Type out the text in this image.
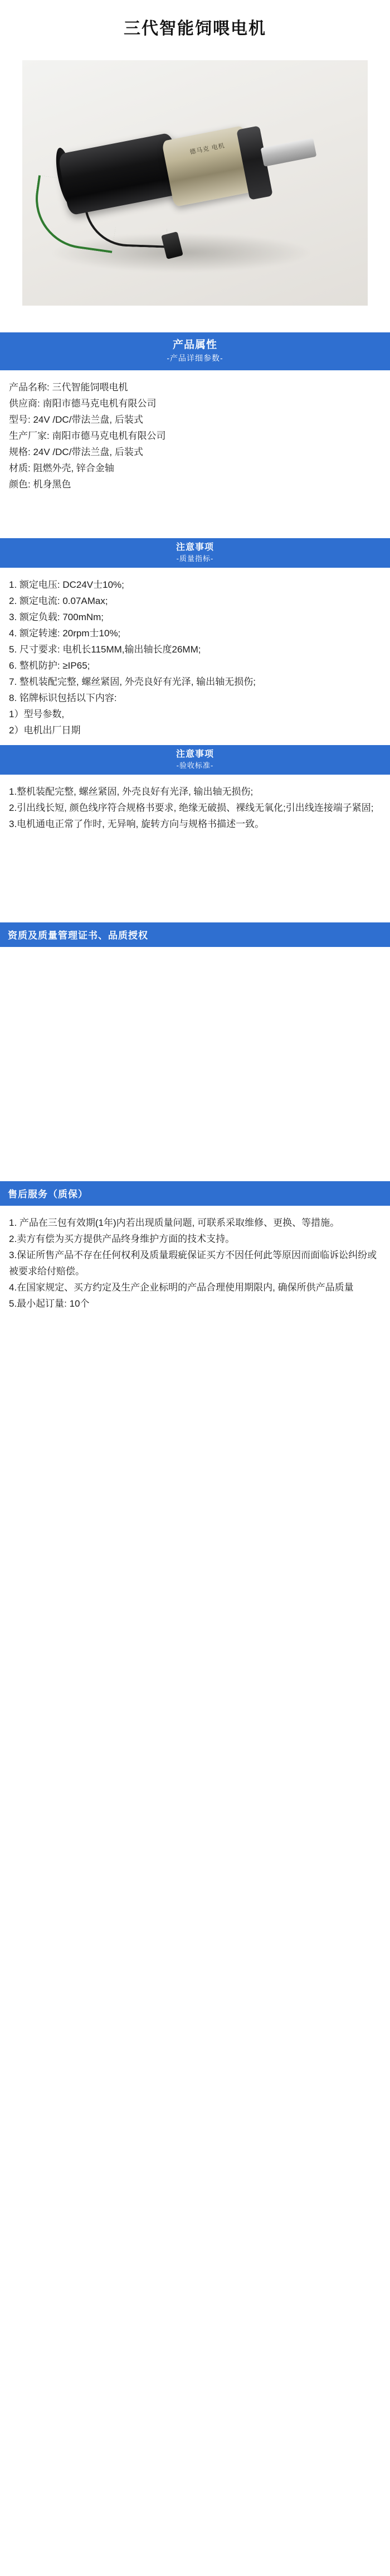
三代智能饲喂电机
德马克 电机
产品属性
-产品详细参数-

产品名称: 三代智能饲喂电机

供应商: 南阳市德马克电机有限公司

型号: 24V /DC/带法兰盘, 后装式

生产厂家: 南阳市德马克电机有限公司

规格: 24V /DC/带法兰盘, 后装式

材质: 阻燃外壳, 锌合金轴

颜色: 机身黑色

注意事项
-质量指标-

1. 额定电压: DC24V士10%;

2. 额定电流: 0.07AMax;

3. 额定负载: 700mNm;

4. 额定转速: 20rpm士10%;

5. 尺寸要求: 电机长115MM,输出轴长度26MM;

6. 整机防护: ≥IP65;

7. 整机装配完整, 螺丝紧固, 外壳良好有光泽, 输出轴无损伤;

8. 铭牌标识包括以下内容:

1）型号参数,

2）电机出厂日期

注意事项
-验收标准-

1.整机装配完整, 螺丝紧固, 外壳良好有光泽, 输出轴无损伤;

2.引出线长短, 颜色线序符合规格书要求, 绝缘无破损、裸线无氧化;引出线连接端子紧固;

3.电机通电正常了作时, 无异响, 旋转方向与规格书描述一致。

资质及质量管理证书、品质授权
售后服务（质保）

1. 产品在三包有效期(1年)内若出现质量问题, 可联系采取维修、更换、等措施。

2.卖方有偿为买方提供产品终身维护方面的技术支持。

3.保证所售产品不存在任何权利及质量瑕疵保证买方不因任何此等原因而面临诉讼纠纷或被要求给付赔偿。

4.在国家规定、买方约定及生产企业标明的产品合理使用期限内, 确保所供产品质量

5.最小起订量: 10个
